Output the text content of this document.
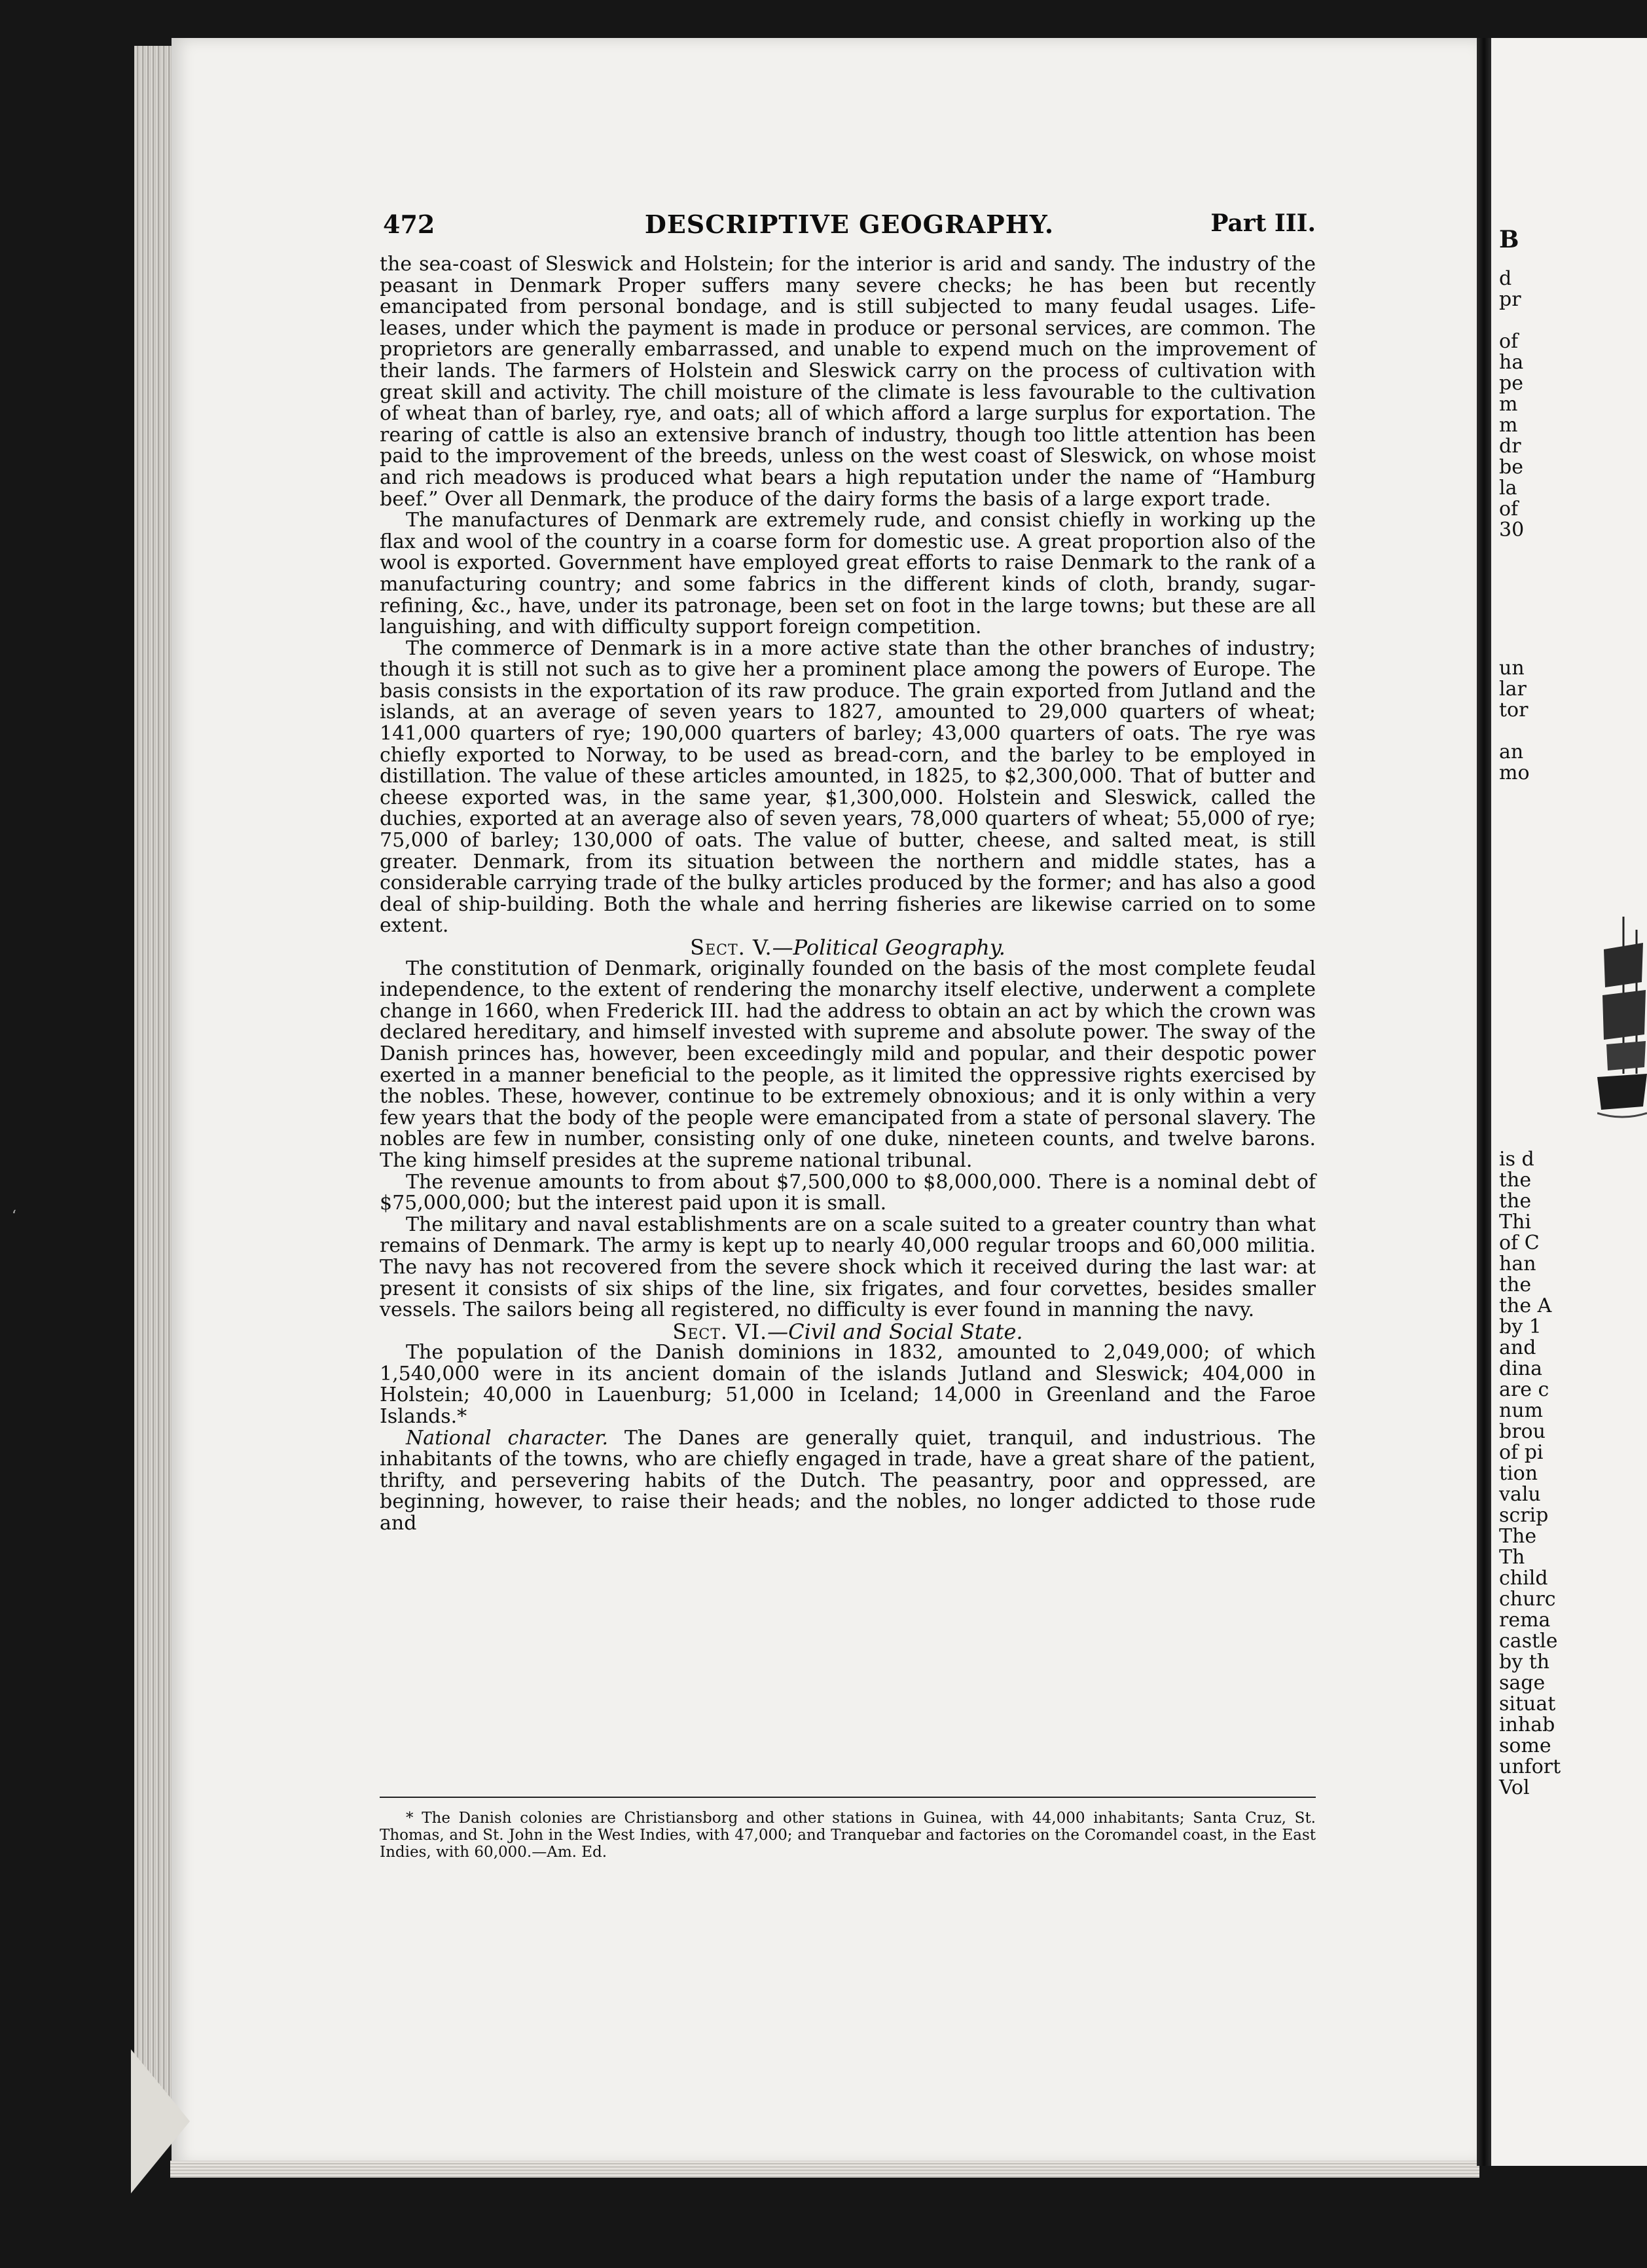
‘
472	DESCRIPTIVE GEOGRAPHY.	Part III.

the sea-coast of Sleswick and Holstein; for the interior is arid and sandy. The industry of the peasant in Denmark Proper suffers many severe checks; he has been but recently emancipated from personal bondage, and is still subjected to many feudal usages. Life-leases, under which the payment is made in produce or personal services, are common. The proprietors are generally embarrassed, and unable to expend much on the improvement of their lands. The farmers of Holstein and Sleswick carry on the process of cultivation with great skill and activity. The chill moisture of the climate is less favourable to the cultivation of wheat than of barley, rye, and oats; all of which afford a large surplus for exportation. The rearing of cattle is also an extensive branch of industry, though too little attention has been paid to the improvement of the breeds, unless on the west coast of Sleswick, on whose moist and rich meadows is produced what bears a high reputation under the name of “Hamburg beef.” Over all Denmark, the produce of the dairy forms the basis of a large export trade.

The manufactures of Denmark are extremely rude, and consist chiefly in working up the flax and wool of the country in a coarse form for domestic use. A great proportion also of the wool is exported. Government have employed great efforts to raise Denmark to the rank of a manufacturing country; and some fabrics in the different kinds of cloth, brandy, sugar-refining, &c., have, under its patronage, been set on foot in the large towns; but these are all languishing, and with difficulty support foreign competition.

The commerce of Denmark is in a more active state than the other branches of industry; though it is still not such as to give her a prominent place among the powers of Europe. The basis consists in the exportation of its raw produce. The grain exported from Jutland and the islands, at an average of seven years to 1827, amounted to 29,000 quarters of wheat; 141,000 quarters of rye; 190,000 quarters of barley; 43,000 quarters of oats. The rye was chiefly exported to Norway, to be used as bread-corn, and the barley to be employed in distillation. The value of these articles amounted, in 1825, to $2,300,000. That of butter and cheese exported was, in the same year, $1,300,000. Holstein and Sleswick, called the duchies, exported at an average also of seven years, 78,000 quarters of wheat; 55,000 of rye; 75,000 of barley; 130,000 of oats. The value of butter, cheese, and salted meat, is still greater. Denmark, from its situation between the northern and middle states, has a considerable carrying trade of the bulky articles produced by the former; and has also a good deal of ship-building. Both the whale and herring fisheries are likewise carried on to some extent.

Sect. V.—Political Geography.

The constitution of Denmark, originally founded on the basis of the most complete feudal independence, to the extent of rendering the monarchy itself elective, underwent a complete change in 1660, when Frederick III. had the address to obtain an act by which the crown was declared hereditary, and himself invested with supreme and absolute power. The sway of the Danish princes has, however, been exceedingly mild and popular, and their despotic power exerted in a manner beneficial to the people, as it limited the oppressive rights exercised by the nobles. These, however, continue to be extremely obnoxious; and it is only within a very few years that the body of the people were emancipated from a state of personal slavery. The nobles are few in number, consisting only of one duke, nineteen counts, and twelve barons. The king himself presides at the supreme national tribunal.

The revenue amounts to from about $7,500,000 to $8,000,000. There is a nominal debt of $75,000,000; but the interest paid upon it is small.

The military and naval establishments are on a scale suited to a greater country than what remains of Denmark. The army is kept up to nearly 40,000 regular troops and 60,000 militia. The navy has not recovered from the severe shock which it received during the last war: at present it consists of six ships of the line, six frigates, and four corvettes, besides smaller vessels. The sailors being all registered, no difficulty is ever found in manning the navy.

Sect. VI.—Civil and Social State.

The population of the Danish dominions in 1832, amounted to 2,049,000; of which 1,540,000 were in its ancient domain of the islands Jutland and Sleswick; 404,000 in Holstein; 40,000 in Lauenburg; 51,000 in Iceland; 14,000 in Greenland and the Faroe Islands.*

National character. The Danes are generally quiet, tranquil, and industrious. The inhabitants of the towns, who are chiefly engaged in trade, have a great share of the patient, thrifty, and persevering habits of the Dutch. The peasantry, poor and oppressed, are beginning, however, to raise their heads; and the nobles, no longer addicted to those rude and

* The Danish colonies are Christiansborg and other stations in Guinea, with 44,000 inhabitants; Santa Cruz, St. Thomas, and St. John in the West Indies, with 47,000; and Tranquebar and factories on the Coromandel coast, in the East Indies, with 60,000.—Am. Ed.
B
d
pr

of
ha
pe
m
m
dr
be
la
of
30
un
lar
tor

an
mo
is d
the
the
Thi
of C
han
the
the A
by 1
and
dina
are c
num
brou
of pi
tion
valu
scrip
The
Th
child
churc
rema
castle
by th
sage
situat
inhab
some
unfort
Vol
